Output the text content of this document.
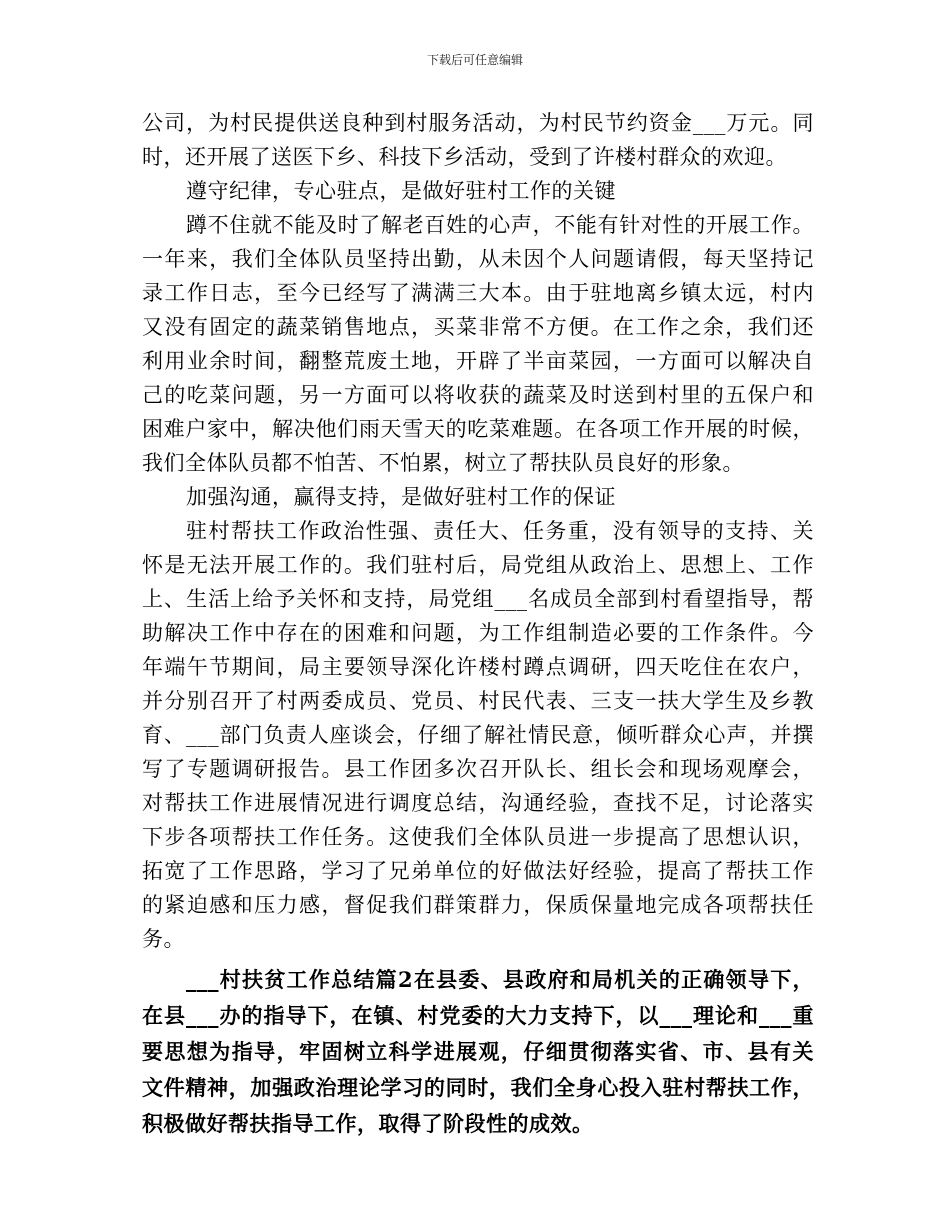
下载后可任意编辑
公司，为村民提供送良种到村服务活动，为村民节约资金___万元。同
时，还开展了送医下乡、科技下乡活动，受到了许楼村群众的欢迎。
遵守纪律，专心驻点，是做好驻村工作的关键
蹲不住就不能及时了解老百姓的心声，不能有针对性的开展工作。
一年来，我们全体队员坚持出勤，从未因个人问题请假，每天坚持记
录工作日志，至今已经写了满满三大本。由于驻地离乡镇太远，村内
又没有固定的蔬菜销售地点，买菜非常不方便。在工作之余，我们还
利用业余时间，翻整荒废土地，开辟了半亩菜园，一方面可以解决自
己的吃菜问题，另一方面可以将收获的蔬菜及时送到村里的五保户和
困难户家中，解决他们雨天雪天的吃菜难题。在各项工作开展的时候，
我们全体队员都不怕苦、不怕累，树立了帮扶队员良好的形象。
加强沟通，赢得支持，是做好驻村工作的保证
驻村帮扶工作政治性强、责任大、任务重，没有领导的支持、关
怀是无法开展工作的。我们驻村后，局党组从政治上、思想上、工作
上、生活上给予关怀和支持，局党组___名成员全部到村看望指导，帮
助解决工作中存在的困难和问题，为工作组制造必要的工作条件。今
年端午节期间，局主要领导深化许楼村蹲点调研，四天吃住在农户，
并分别召开了村两委成员、党员、村民代表、三支一扶大学生及乡教
育、___部门负责人座谈会，仔细了解社情民意，倾听群众心声，并撰
写了专题调研报告。县工作团多次召开队长、组长会和现场观摩会，
对帮扶工作进展情况进行调度总结，沟通经验，查找不足，讨论落实
下步各项帮扶工作任务。这使我们全体队员进一步提高了思想认识，
拓宽了工作思路，学习了兄弟单位的好做法好经验，提高了帮扶工作
的紧迫感和压力感，督促我们群策群力，保质保量地完成各项帮扶任
务。
___村扶贫工作总结篇2在县委、县政府和局机关的正确领导下，
在县___办的指导下，在镇、村党委的大力支持下，以___理论和___重
要思想为指导，牢固树立科学进展观，仔细贯彻落实省、市、县有关
文件精神，加强政治理论学习的同时，我们全身心投入驻村帮扶工作，
积极做好帮扶指导工作，取得了阶段性的成效。
